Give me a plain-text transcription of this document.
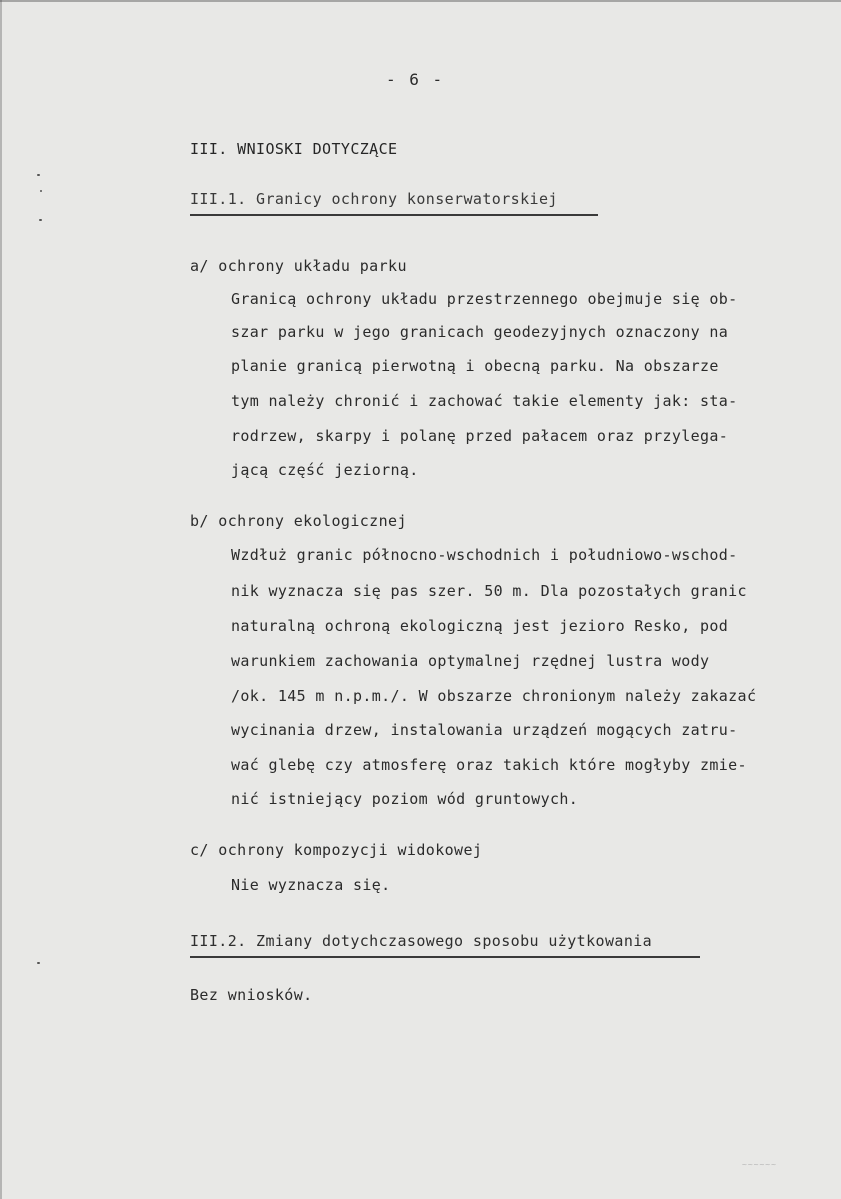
- 6 -
III. WNIOSKI DOTYCZĄCE
III.1. Granicy ochrony konserwatorskiej
a/ ochrony układu parku
Granicą ochrony układu przestrzennego obejmuje się ob-
szar parku w jego granicach geodezyjnych oznaczony na
planie granicą pierwotną i obecną parku. Na obszarze
tym należy chronić i zachować takie elementy jak: sta-
rodrzew, skarpy i polanę przed pałacem oraz przylega-
jącą część jeziorną.
b/ ochrony ekologicznej
Wzdłuż granic północno-wschodnich i południowo-wschod-
nik wyznacza się pas szer. 50 m. Dla pozostałych granic
naturalną ochroną ekologiczną jest jezioro Resko, pod
warunkiem zachowania optymalnej rzędnej lustra wody
/ok. 145 m n.p.m./. W obszarze chronionym należy zakazać
wycinania drzew, instalowania urządzeń mogących zatru-
wać glebę czy atmosferę oraz takich które mogłyby zmie-
nić istniejący poziom wód gruntowych.
c/ ochrony kompozycji widokowej
Nie wyznacza się.
III.2. Zmiany dotychczasowego sposobu użytkowania
Bez wniosków.
~~~~~~
